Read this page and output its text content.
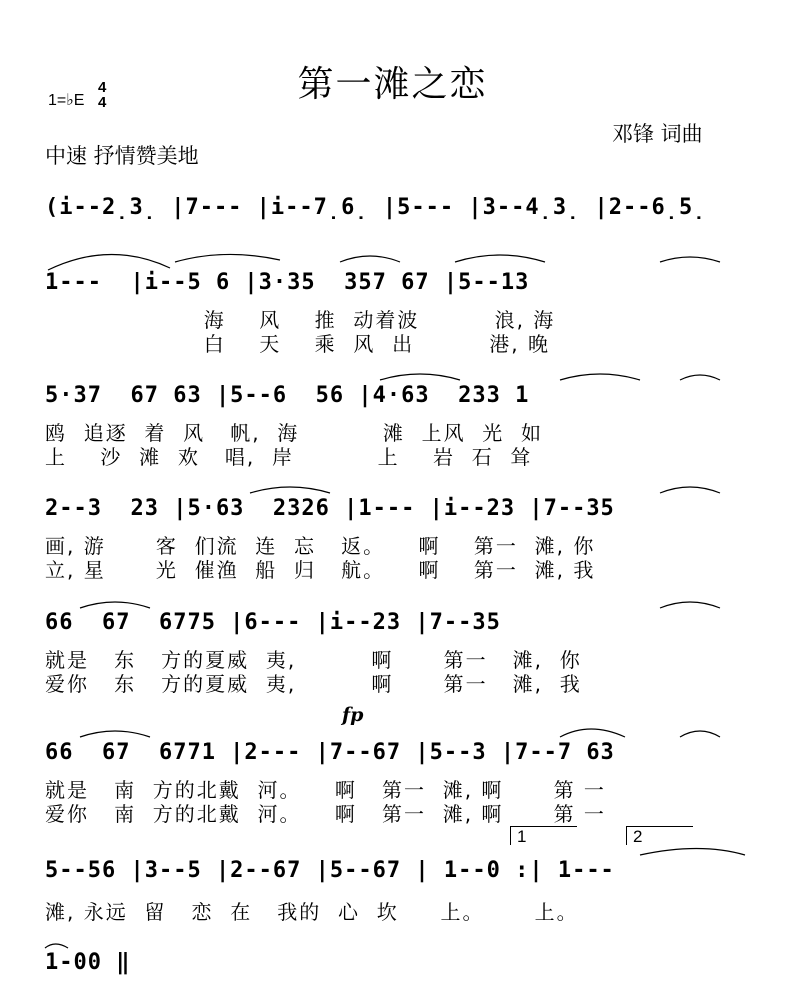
第一滩之恋
1=♭E
4
4
邓锋 词曲
中速 抒情赞美地
(i--2̣3̣ |7--- |i--7̣6̣ |5--- |3--4̣3̣ |2--6̣5̣
1---  |i--5 6 |3·35  357 67 |5--13
海    风    推  动着波         浪, 海
白    天    乘  风  出         港, 晚
5·37  67 63 |5--6  56 |4·63  233 1
鸥  追逐  着  风   帆,  海          滩  上风  光  如
上    沙  滩  欢   唱,  岸          上    岩  石  耸
2--3  23 |5·63  2326 |1--- |i--23 |7--35
画, 游      客  们流  连  忘   返。    啊    第一  滩, 你
立, 星      光  催渔  船  归   航。    啊    第一  滩, 我
66  67  6775 |6--- |i--23 |7--35
就是   东   方的夏威  夷,         啊      第一   滩,  你
爱你   东   方的夏威  夷,         啊      第一   滩,  我
fp
66  67  6771 |2--- |7--67 |5--3 |7--7 63
就是   南  方的北戴  河。    啊   第一  滩, 啊      第 一
爱你   南  方的北戴  河。    啊   第一  滩, 啊      第 一
1	2
5--56 |3--5 |2--67 |5--67 | 1--0 :| 1---
滩, 永远  留   恋  在   我的  心  坎     上。      上。
1-00 ‖
